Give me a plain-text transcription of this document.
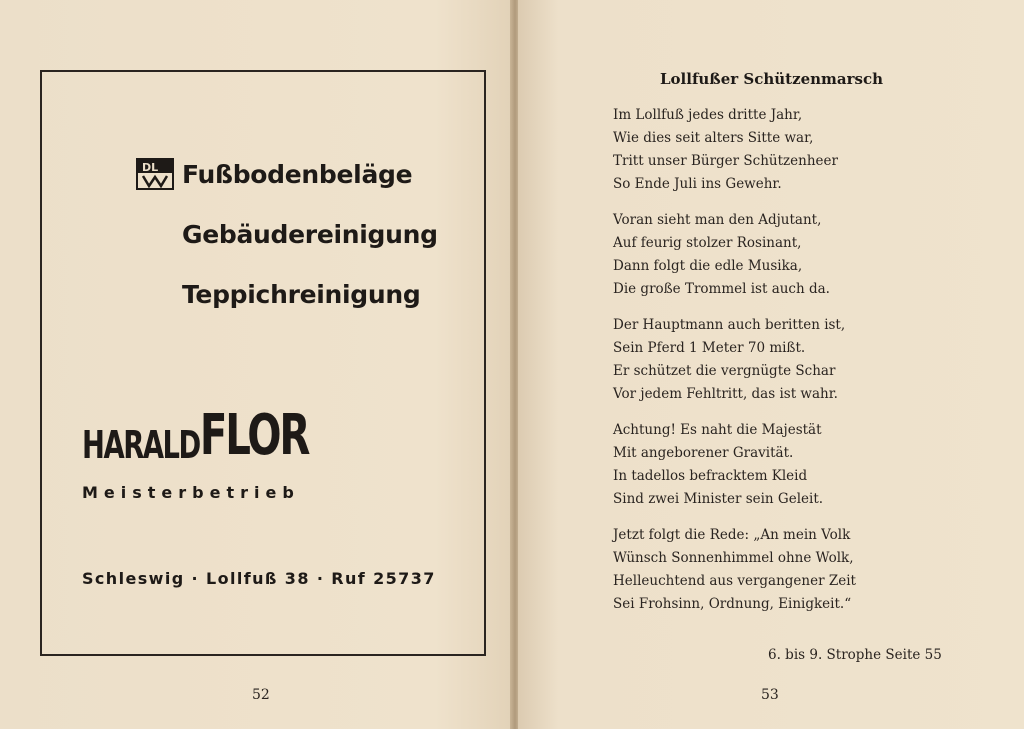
DL Fußbodenbeläge
Gebäudereinigung
Teppichreinigung
HARALDFLOR
Meisterbetrieb
Schleswig · Lollfuß 38 · Ruf 25737
52
Lollfußer Schützenmarsch
Im Lollfuß jedes dritte Jahr,
Wie dies seit alters Sitte war,
Tritt unser Bürger Schützenheer
So Ende Juli ins Gewehr.
Voran sieht man den Adjutant,
Auf feurig stolzer Rosinant,
Dann folgt die edle Musika,
Die große Trommel ist auch da.
Der Hauptmann auch beritten ist,
Sein Pferd 1 Meter 70 mißt.
Er schützet die vergnügte Schar
Vor jedem Fehltritt, das ist wahr.
Achtung! Es naht die Majestät
Mit angeborener Gravität.
In tadellos befracktem Kleid
Sind zwei Minister sein Geleit.
Jetzt folgt die Rede: „An mein Volk
Wünsch Sonnenhimmel ohne Wolk,
Helleuchtend aus vergangener Zeit
Sei Frohsinn, Ordnung, Einigkeit.“
6. bis 9. Strophe Seite 55
53
